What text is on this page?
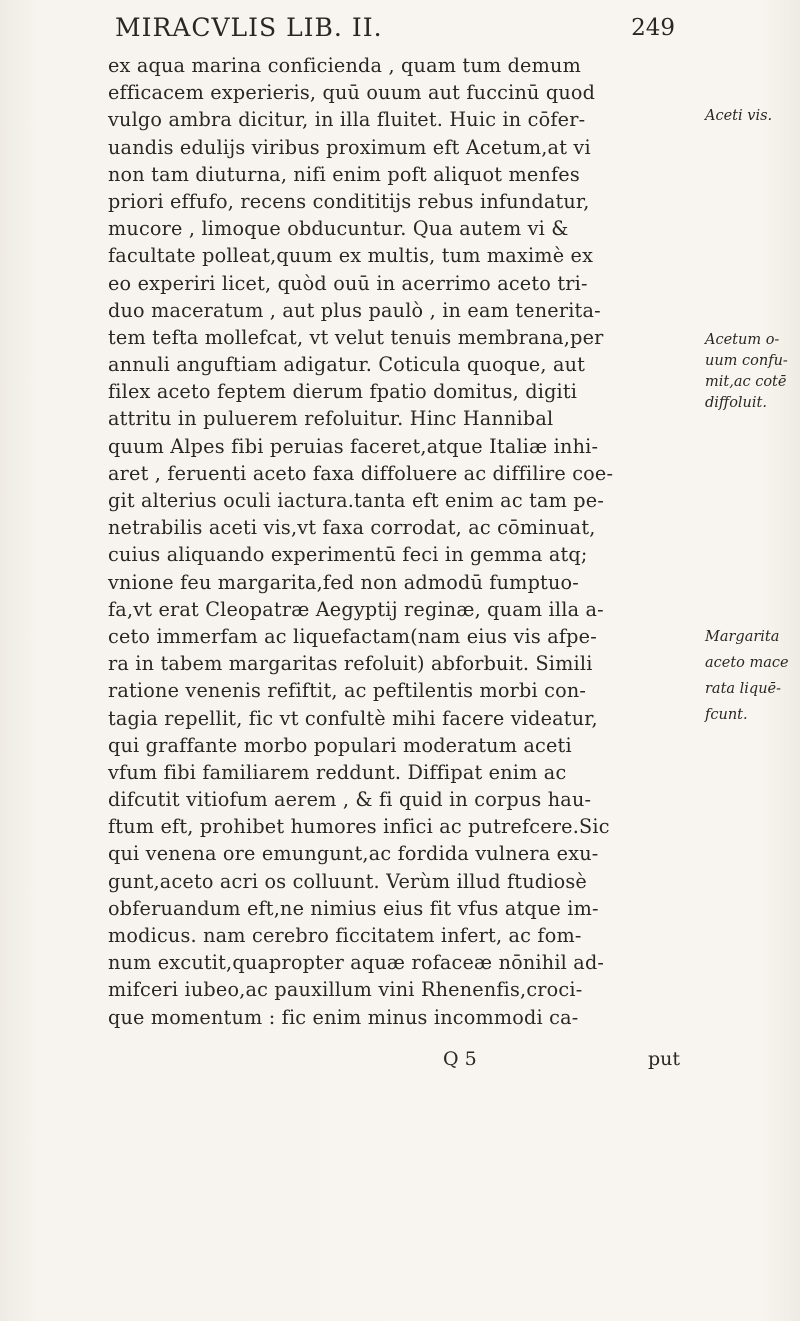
MIRACVLIS LIB. II.	249
ex aqua marina conficienda , quam tum demum
efficacem experieris, quū ouum aut fuccinū quod
vulgo ambra dicitur, in illa fluitet. Huic in cōfer-
uandis edulijs viribus proximum eft Acetum,at vi
non tam diuturna, nifi enim poft aliquot menfes
priori effufo, recens condititijs rebus infundatur,
mucore , limoque obducuntur. Qua autem vi &
facultate polleat,quum ex multis, tum maximè ex
eo experiri licet, quòd ouū in acerrimo aceto tri-
duo maceratum , aut plus paulò , in eam tenerita-
tem tefta mollefcat, vt velut tenuis membrana,per
annuli anguftiam adigatur. Coticula quoque, aut
filex aceto feptem dierum fpatio domitus, digiti
attritu in puluerem refoluitur. Hinc Hannibal
quum Alpes fibi peruias faceret,atque Italiæ inhi-
aret , feruenti aceto faxa diffoluere ac diffilire coe-
git alterius oculi iactura.tanta eft enim ac tam pe-
netrabilis aceti vis,vt faxa corrodat, ac cōminuat,
cuius aliquando experimentū feci in gemma atq;
vnione feu margarita,fed non admodū fumptuo-
fa,vt erat Cleopatræ Aegyptij reginæ, quam illa a-
ceto immerfam ac liquefactam(nam eius vis afpe-
ra in tabem margaritas refoluit) abforbuit. Simili
ratione venenis refiftit, ac peftilentis morbi con-
tagia repellit, fic vt confultè mihi facere videatur,
qui graffante morbo populari moderatum aceti
vfum fibi familiarem reddunt. Diffipat enim ac
difcutit vitiofum aerem , & fi quid in corpus hau-
ftum eft, prohibet humores infici ac putrefcere.Sic
qui venena ore emungunt,ac fordida vulnera exu-
gunt,aceto acri os colluunt. Verùm illud ftudiosè
obferuandum eft,ne nimius eius fit vfus atque im-
modicus. nam cerebro ficcitatem infert, ac fom-
num excutit,quapropter aquæ rofaceæ nōnihil ad-
mifceri iubeo,ac pauxillum vini Rhenenfis,croci-
que momentum : fic enim minus incommodi ca-
Aceti vis.
Acetum o-
uum confu-
mit,ac cotē
diffoluit.
Margarita
aceto mace
rata liquē-
fcunt.
Q 5	put
